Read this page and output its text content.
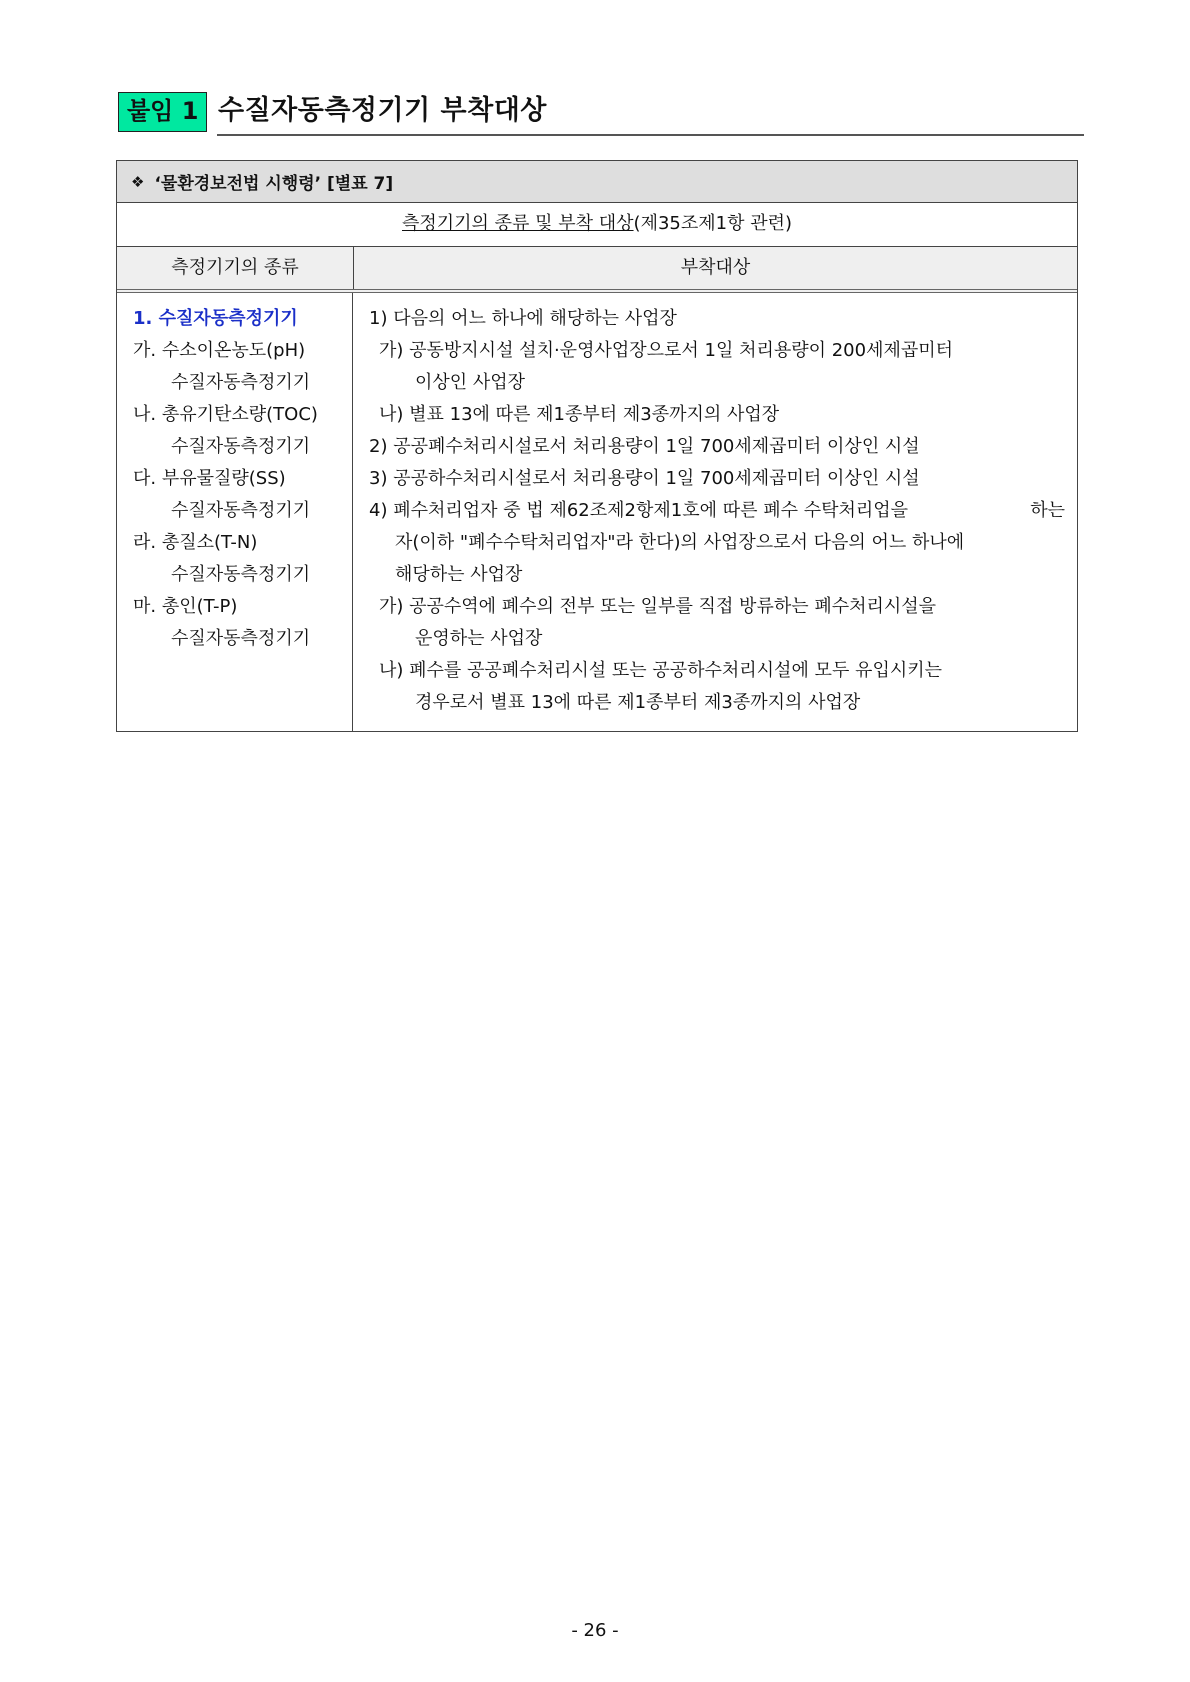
붙임 1 수질자동측정기기 부착대상
❖ ‘물환경보전법 시행령’ [별표 7]
측정기기의 종류 및 부착 대상(제35조제1항 관련)
측정기기의 종류	부착대상
1. 수질자동측정기기
가. 수소이온농도(pH)
수질자동측정기기
나. 총유기탄소량(TOC)
수질자동측정기기
다. 부유물질량(SS)
수질자동측정기기
라. 총질소(T-N)
수질자동측정기기
마. 총인(T-P)
수질자동측정기기
1) 다음의 어느 하나에 해당하는 사업장
가) 공동방지시설 설치·운영사업장으로서 1일 처리용량이 200세제곱미터
이상인 사업장
나) 별표 13에 따른 제1종부터 제3종까지의 사업장
2) 공공폐수처리시설로서 처리용량이 1일 700세제곱미터 이상인 시설
3) 공공하수처리시설로서 처리용량이 1일 700세제곱미터 이상인 시설
4) 폐수처리업자 중 법 제62조제2항제1호에 따른 폐수 수탁처리업을	하는
자(이하 "폐수수탁처리업자"라 한다)의 사업장으로서 다음의 어느 하나에
해당하는 사업장
가) 공공수역에 폐수의 전부 또는 일부를 직접 방류하는 폐수처리시설을
운영하는 사업장
나) 폐수를 공공폐수처리시설 또는 공공하수처리시설에 모두 유입시키는
경우로서 별표 13에 따른 제1종부터 제3종까지의 사업장
- 26 -
